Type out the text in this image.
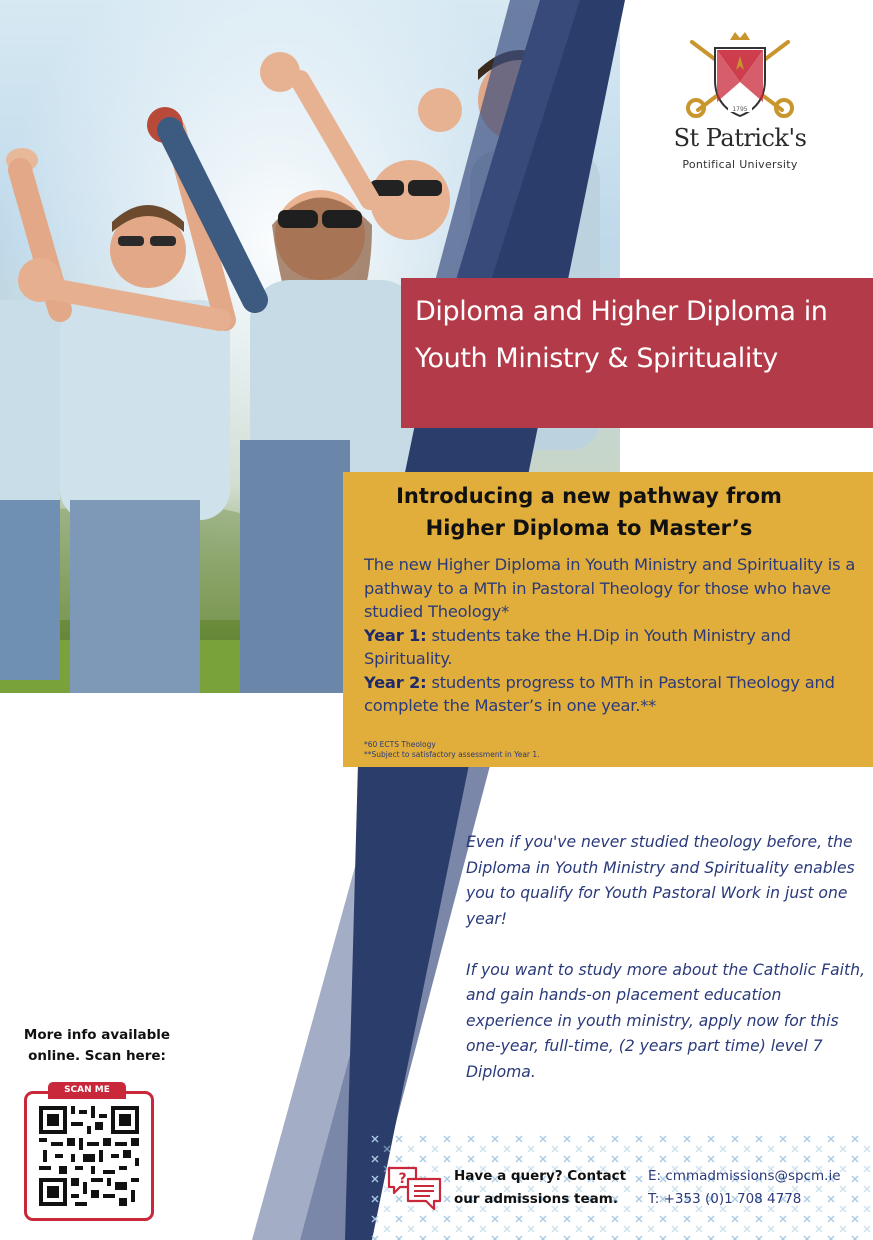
1795
St Patrick's
Pontifical University
Diploma and Higher Diploma in Youth Ministry & Spirituality
Introducing a new pathway from
Higher Diploma to Master’s
The new Higher Diploma in Youth Ministry and Spirituality is a pathway to a MTh in Pastoral Theology for those who have studied Theology*
Year 1: students take the H.Dip in Youth Ministry and Spirituality.
Year 2: students progress to MTh in Pastoral Theology and complete the Master’s in one year.**
*60 ECTS Theology
**Subject to satisfactory assessment in Year 1.

Even if you've never studied theology before, the Diploma in Youth Ministry and Spirituality enables you to qualify for Youth Pastoral Work in just one year!

If you want to study more about the Catholic Faith, and gain hands-on placement education experience in youth ministry, apply now for this one-year, full-time, (2 years part time) level 7 Diploma.

More info available
online. Scan here:
SCAN ME
?	Have a query? Contact
our admissions team.
E: cmmadmissions@spcm.ie
T: +353 (0)1 708 4778
